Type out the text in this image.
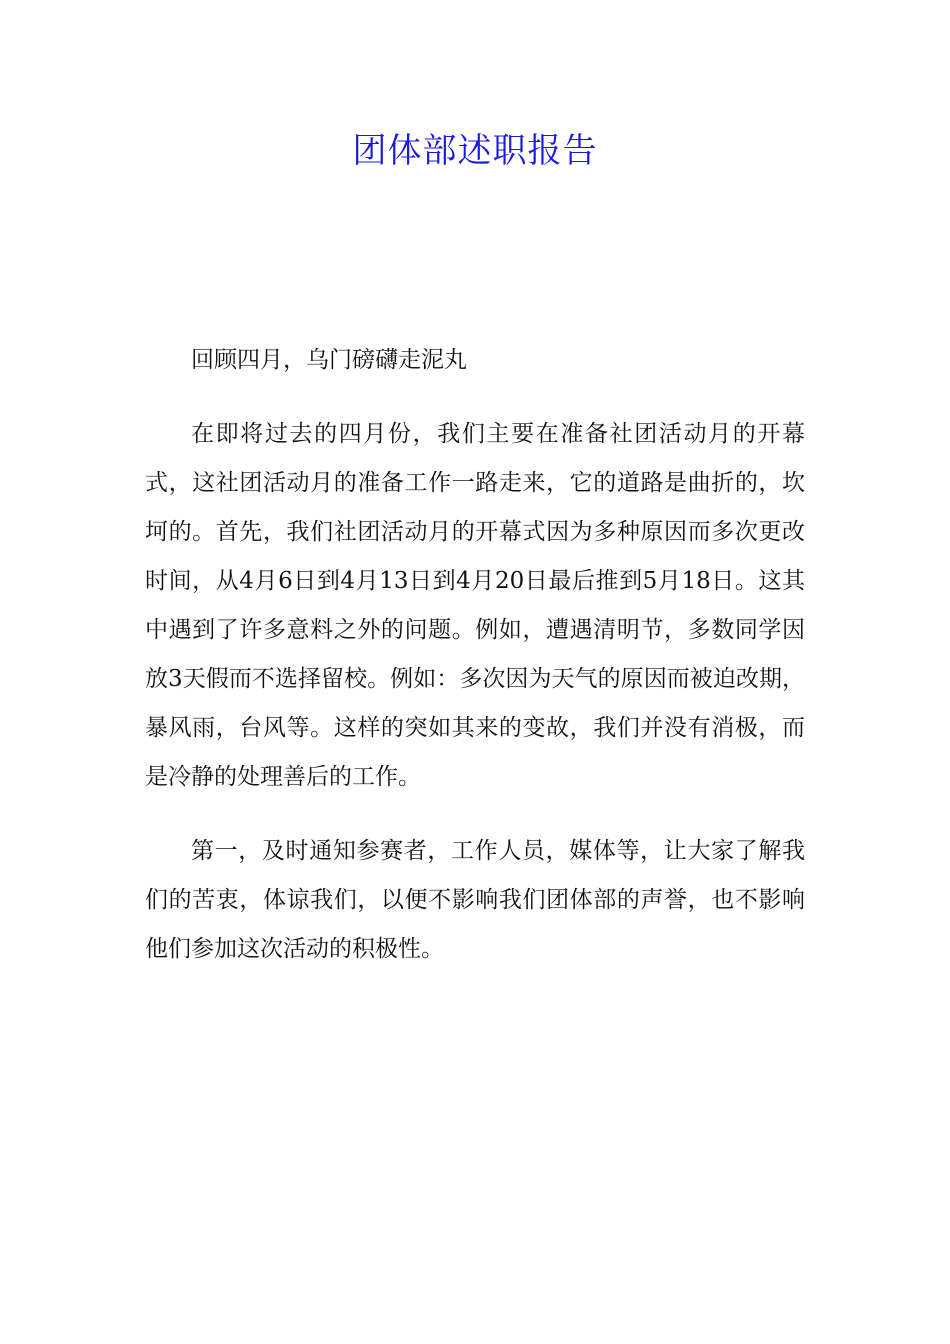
团体部述职报告

回顾四月，乌门磅礴走泥丸

在即将过去的四月份，我们主要在准备社团活动月的开幕式，这社团活动月的准备工作一路走来，它的道路是曲折的，坎坷的。首先，我们社团活动月的开幕式因为多种原因而多次更改时间，从4月6日到4月13日到4月20日最后推到5月18日。这其中遇到了许多意料之外的问题。例如，遭遇清明节，多数同学因放3天假而不选择留校。例如：多次因为天气的原因而被迫改期，暴风雨，台风等。这样的突如其来的变故，我们并没有消极，而是冷静的处理善后的工作。

第一，及时通知参赛者，工作人员，媒体等，让大家了解我们的苦衷，体谅我们，以便不影响我们团体部的声誉，也不影响他们参加这次活动的积极性。
